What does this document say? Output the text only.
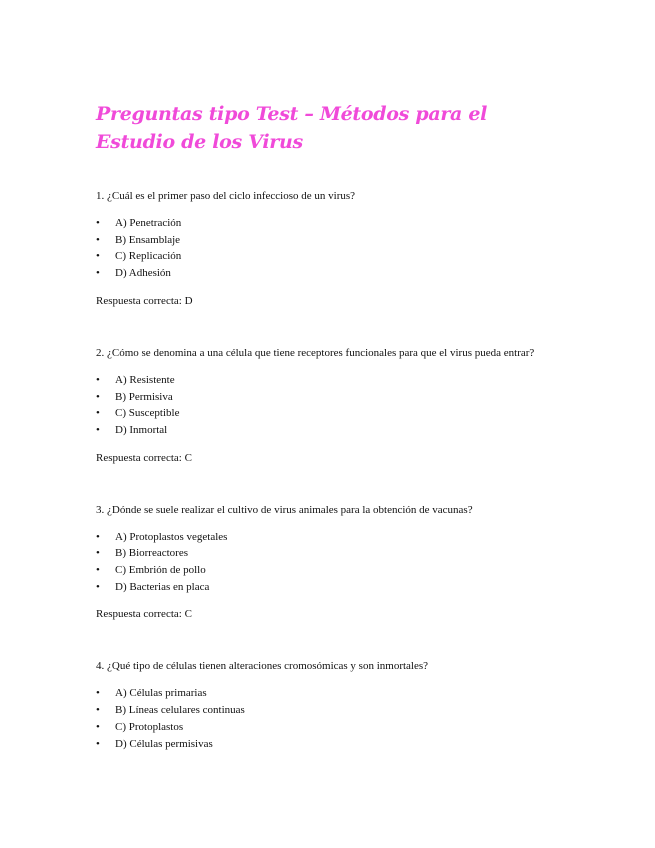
Preguntas tipo Test – Métodos para el Estudio de los Virus

1. ¿Cuál es el primer paso del ciclo infeccioso de un virus?

• A) Penetración
• B) Ensamblaje
• C) Replicación
• D) Adhesión

Respuesta correcta: D

2. ¿Cómo se denomina a una célula que tiene receptores funcionales para que el virus pueda entrar?

• A) Resistente
• B) Permisiva
• C) Susceptible
• D) Inmortal

Respuesta correcta: C

3. ¿Dónde se suele realizar el cultivo de virus animales para la obtención de vacunas?

• A) Protoplastos vegetales
• B) Biorreactores
• C) Embrión de pollo
• D) Bacterias en placa

Respuesta correcta: C

4. ¿Qué tipo de células tienen alteraciones cromosómicas y son inmortales?

• A) Células primarias
• B) Líneas celulares continuas
• C) Protoplastos
• D) Células permisivas
